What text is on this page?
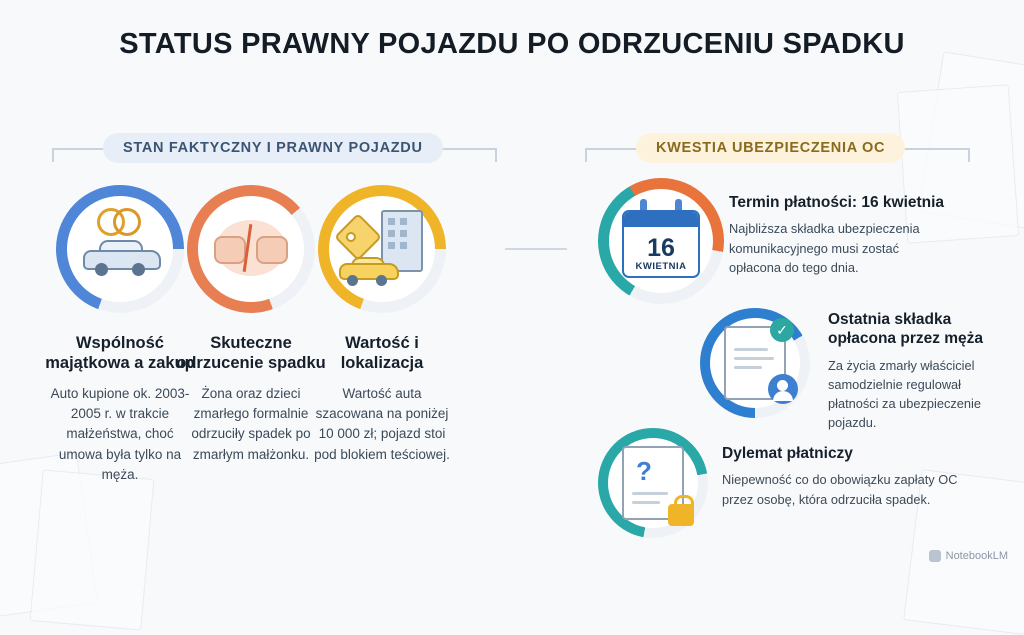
STATUS PRAWNY POJAZDU PO ODRZUCENIU SPADKU
STAN FAKTYCZNY I PRAWNY POJAZDU	KWESTIA UBEZPIECZENIA OC
Wspólność majątkowa a zakup
Auto kupione ok. 2003-2005 r. w trakcie małżeństwa, choć umowa była tylko na męża.
Skuteczne odrzucenie spadku
Żona oraz dzieci zmarłego formalnie odrzuciły spadek po zmarłym małżonku.
Wartość i lokalizacja
Wartość auta szacowana na poniżej 10 000 zł; pojazd stoi pod blokiem teściowej.
16
KWIETNIA
✓
?
Termin płatności: 16 kwietnia
Najbliższa składka ubezpieczenia komunikacyjnego musi zostać opłacona do tego dnia.
Ostatnia składka opłacona przez męża
Za życia zmarły właściciel samodzielnie regulował płatności za ubezpieczenie pojazdu.
Dylemat płatniczy
Niepewność co do obowiązku zapłaty OC przez osobę, która odrzuciła spadek.
NotebookLM
